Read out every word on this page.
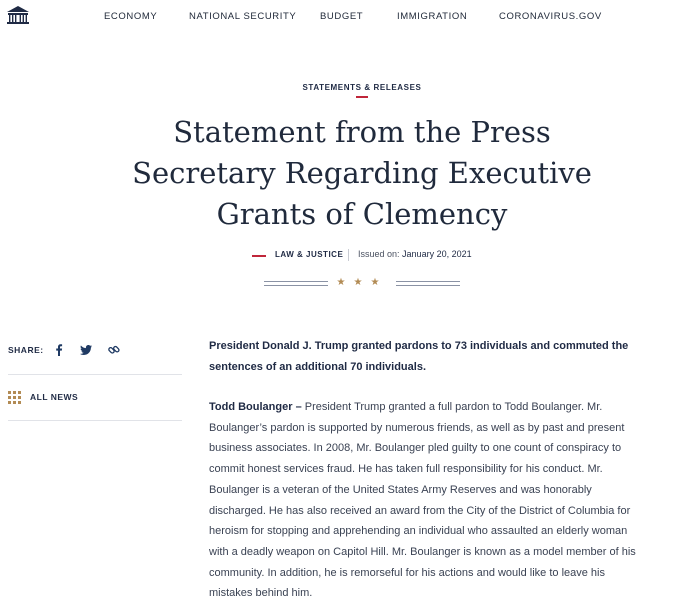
ECONOMY	NATIONAL SECURITY BUDGET	IMMIGRATION	CORONAVIRUS.GOV
STATEMENTS & RELEASES
Statement from the Press
Secretary Regarding Executive
Grants of Clemency
LAW & JUSTICE Issued on: January 20, 2021
★★★
SHARE:
ALL NEWS

President Donald J. Trump granted pardons to 73 individuals and commuted the sentences of an additional 70 individuals.

Todd Boulanger – President Trump granted a full pardon to Todd Boulanger. Mr. Boulanger’s pardon is supported by numerous friends, as well as by past and present business associates. In 2008, Mr. Boulanger pled guilty to one count of conspiracy to commit honest services fraud. He has taken full responsibility for his conduct. Mr. Boulanger is a veteran of the United States Army Reserves and was honorably discharged. He has also received an award from the City of the District of Columbia for heroism for stopping and apprehending an individual who assaulted an elderly woman with a deadly weapon on Capitol Hill. Mr. Boulanger is known as a model member of his community. In addition, he is remorseful for his actions and would like to leave his mistakes behind him.
